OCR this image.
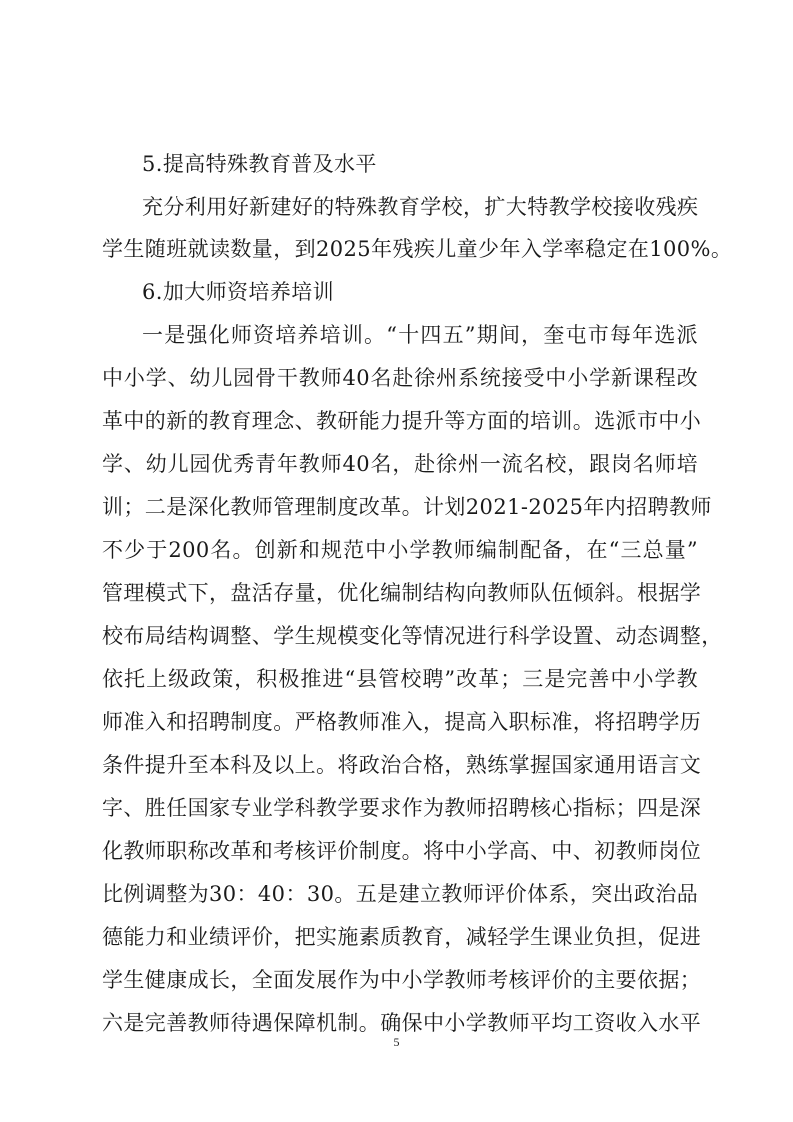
5.提高特殊教育普及水平
充分利用好新建好的特殊教育学校，扩大特教学校接收残疾
学生随班就读数量，到2025年残疾儿童少年入学率稳定在100%。
6.加大师资培养培训
一是强化师资培养培训。“十四五”期间，奎屯市每年选派
中小学、幼儿园骨干教师40名赴徐州系统接受中小学新课程改
革中的新的教育理念、教研能力提升等方面的培训。选派市中小
学、幼儿园优秀青年教师40名，赴徐州一流名校，跟岗名师培
训；二是深化教师管理制度改革。计划2021-2025年内招聘教师
不少于200名。创新和规范中小学教师编制配备，在“三总量”
管理模式下，盘活存量，优化编制结构向教师队伍倾斜。根据学
校布局结构调整、学生规模变化等情况进行科学设置、动态调整，
依托上级政策，积极推进“县管校聘”改革；三是完善中小学教
师准入和招聘制度。严格教师准入，提高入职标准，将招聘学历
条件提升至本科及以上。将政治合格，熟练掌握国家通用语言文
字、胜任国家专业学科教学要求作为教师招聘核心指标；四是深
化教师职称改革和考核评价制度。将中小学高、中、初教师岗位
比例调整为30：40：30。五是建立教师评价体系，突出政治品
德能力和业绩评价，把实施素质教育，减轻学生课业负担，促进
学生健康成长，全面发展作为中小学教师考核评价的主要依据；
六是完善教师待遇保障机制。确保中小学教师平均工资收入水平
5
